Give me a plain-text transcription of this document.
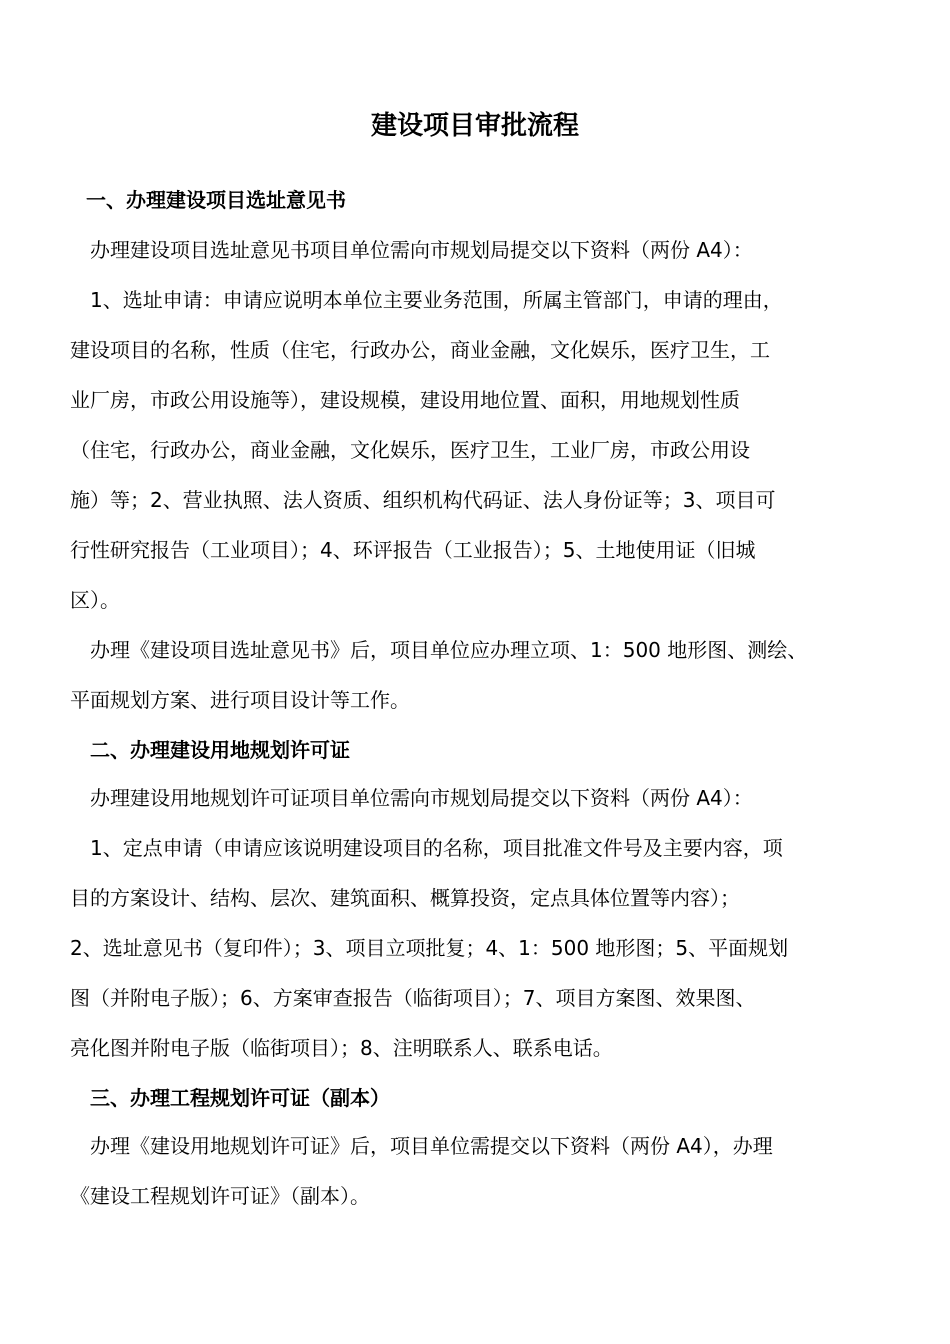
建设项目审批流程
一、办理建设项目选址意见书
办理建设项目选址意见书项目单位需向市规划局提交以下资料（两份 A4）：
1、选址申请：申请应说明本单位主要业务范围，所属主管部门，申请的理由，
建设项目的名称，性质（住宅，行政办公，商业金融，文化娱乐，医疗卫生，工
业厂房，市政公用设施等），建设规模，建设用地位置、面积，用地规划性质
（住宅，行政办公，商业金融，文化娱乐，医疗卫生，工业厂房，市政公用设
施）等；2、营业执照、法人资质、组织机构代码证、法人身份证等；3、项目可
行性研究报告（工业项目）；4、环评报告（工业报告）；5、土地使用证（旧城
区）。
办理《建设项目选址意见书》后，项目单位应办理立项、1：500 地形图、测绘、
平面规划方案、进行项目设计等工作。
二、办理建设用地规划许可证
办理建设用地规划许可证项目单位需向市规划局提交以下资料（两份 A4）：
1、定点申请（申请应该说明建设项目的名称，项目批准文件号及主要内容，项
目的方案设计、结构、层次、建筑面积、概算投资，定点具体位置等内容）；
2、选址意见书（复印件）；3、项目立项批复；4、1：500 地形图；5、平面规划
图（并附电子版）；6、方案审查报告（临街项目）；7、项目方案图、效果图、
亮化图并附电子版（临街项目）；8、注明联系人、联系电话。
三、办理工程规划许可证（副本）
办理《建设用地规划许可证》后，项目单位需提交以下资料（两份 A4），办理
《建设工程规划许可证》（副本）。
